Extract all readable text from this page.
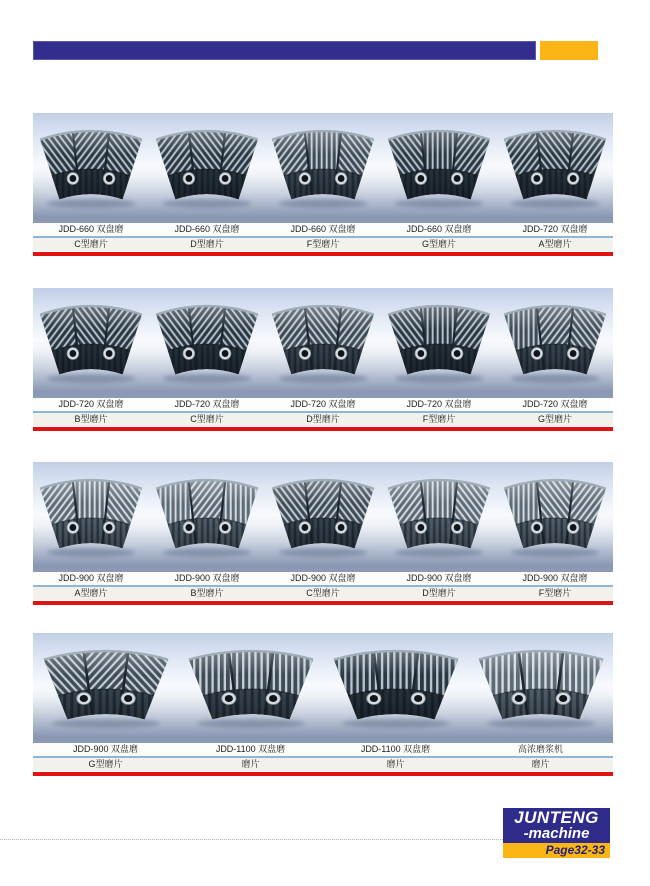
JDD-660 双盘磨	JDD-660 双盘磨	JDD-660 双盘磨	JDD-660 双盘磨	JDD-720 双盘磨
C型磨片	D型磨片	F型磨片	G型磨片	A型磨片
JDD-720 双盘磨	JDD-720 双盘磨	JDD-720 双盘磨	JDD-720 双盘磨	JDD-720 双盘磨
B型磨片	C型磨片	D型磨片	F型磨片	G型磨片
JDD-900 双盘磨	JDD-900 双盘磨	JDD-900 双盘磨	JDD-900 双盘磨	JDD-900 双盘磨
A型磨片	B型磨片	C型磨片	D型磨片	F型磨片
JDD-900 双盘磨	JDD-1100 双盘磨	JDD-1100 双盘磨	高浓磨浆机
G型磨片	磨片	磨片	磨片
JUNTENG
-machine
Page32-33
